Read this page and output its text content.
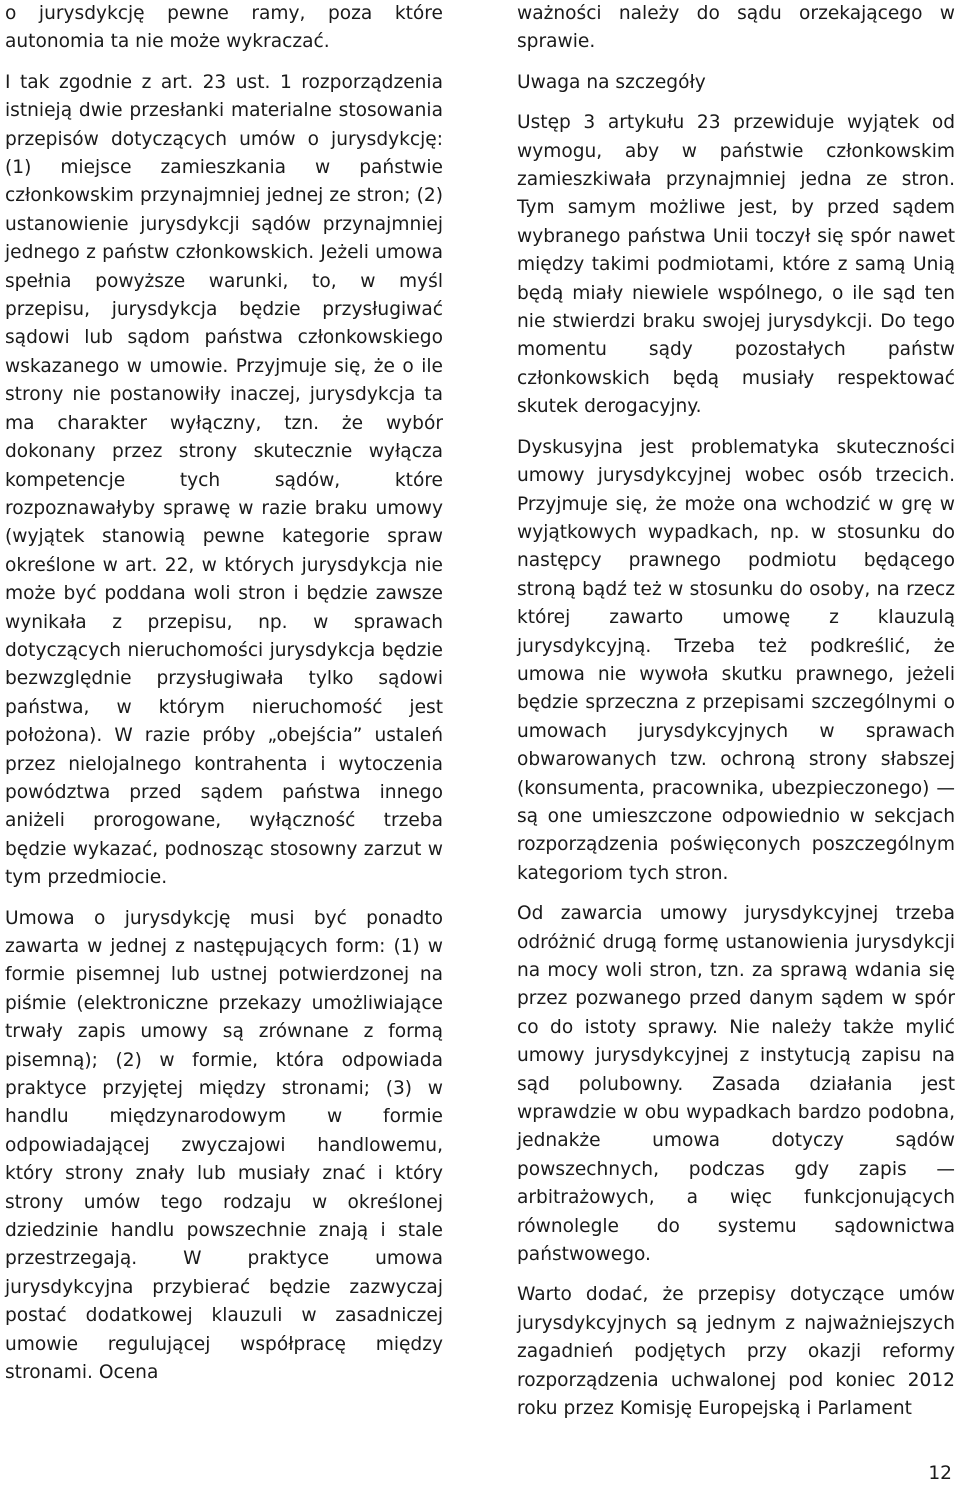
o jurysdykcję pewne ramy, poza które autonomia ta nie może wykraczać.

I tak zgodnie z art. 23 ust. 1 rozporządzenia istnieją dwie przesłanki materialne stosowania przepisów dotyczących umów o jurysdykcję: (1) miejsce zamieszkania w państwie członkowskim przynajmniej jednej ze stron; (2) ustanowienie jurysdykcji sądów przynajmniej jednego z państw członkowskich. Jeżeli umowa spełnia powyższe warunki, to, w myśl przepisu, jurysdykcja będzie przysługiwać sądowi lub sądom państwa członkowskiego wskazanego w umowie. Przyjmuje się, że o ile strony nie postanowiły inaczej, jurysdykcja ta ma charakter wyłączny, tzn. że wybór dokonany przez strony skutecznie wyłącza kompetencje tych sądów, które rozpoznawałyby sprawę w razie braku umowy (wyjątek stanowią pewne kategorie spraw określone w art. 22, w których jurysdykcja nie może być poddana woli stron i będzie zawsze wynikała z przepisu, np. w sprawach dotyczących nieruchomości jurysdykcja będzie bezwzględnie przysługiwała tylko sądowi państwa, w którym nieruchomość jest położona). W razie próby „obejścia” ustaleń przez nielojalnego kontrahenta i wytoczenia powództwa przed sądem państwa innego aniżeli prorogowane, wyłączność trzeba będzie wykazać, podnosząc stosowny zarzut w tym przedmiocie.

Umowa o jurysdykcję musi być ponadto zawarta w jednej z następujących form: (1) w formie pisemnej lub ustnej potwierdzonej na piśmie (elektroniczne przekazy umożliwiające trwały zapis umowy są zrównane z formą pisemną); (2) w formie, która odpowiada praktyce przyjętej między stronami; (3) w handlu międzynarodowym w formie odpowiadającej zwyczajowi handlowemu, który strony znały lub musiały znać i który strony umów tego rodzaju w określonej dziedzinie handlu powszechnie znają i stale przestrzegają. W praktyce umowa jurysdykcyjna przybierać będzie zazwyczaj postać dodatkowej klauzuli w zasadniczej umowie regulującej współpracę między stronami. Ocena

ważności należy do sądu orzekającego w sprawie.

Uwaga na szczegóły

Ustęp 3 artykułu 23 przewiduje wyjątek od wymogu, aby w państwie członkowskim zamieszkiwała przynajmniej jedna ze stron. Tym samym możliwe jest, by przed sądem wybranego państwa Unii toczył się spór nawet między takimi podmiotami, które z samą Unią będą miały niewiele wspólnego, o ile sąd ten nie stwierdzi braku swojej jurysdykcji. Do tego momentu sądy pozostałych państw członkowskich będą musiały respektować skutek derogacyjny.

Dyskusyjna jest problematyka skuteczności umowy jurysdykcyjnej wobec osób trzecich. Przyjmuje się, że może ona wchodzić w grę w wyjątkowych wypadkach, np. w stosunku do następcy prawnego podmiotu będącego stroną bądź też w stosunku do osoby, na rzecz której zawarto umowę z klauzulą jurysdykcyjną. Trzeba też podkreślić, że umowa nie wywoła skutku prawnego, jeżeli będzie sprzeczna z przepisami szczególnymi o umowach jurysdykcyjnych w sprawach obwarowanych tzw. ochroną strony słabszej (konsumenta, pracownika, ubezpieczonego) — są one umieszczone odpowiednio w sekcjach rozporządzenia poświęconych poszczególnym kategoriom tych stron.

Od zawarcia umowy jurysdykcyjnej trzeba odróżnić drugą formę ustanowienia jurysdykcji na mocy woli stron, tzn. za sprawą wdania się przez pozwanego przed danym sądem w spór co do istoty sprawy. Nie należy także mylić umowy jurysdykcyjnej z instytucją zapisu na sąd polubowny. Zasada działania jest wprawdzie w obu wypadkach bardzo podobna, jednakże umowa dotyczy sądów powszechnych, podczas gdy zapis — arbitrażowych, a więc funkcjonujących równolegle do systemu sądownictwa państwowego.

Warto dodać, że przepisy dotyczące umów jurysdykcyjnych są jednym z najważniejszych zagadnień podjętych przy okazji reformy rozporządzenia uchwalonej pod koniec 2012 roku przez Komisję Europejską i Parlament

12
